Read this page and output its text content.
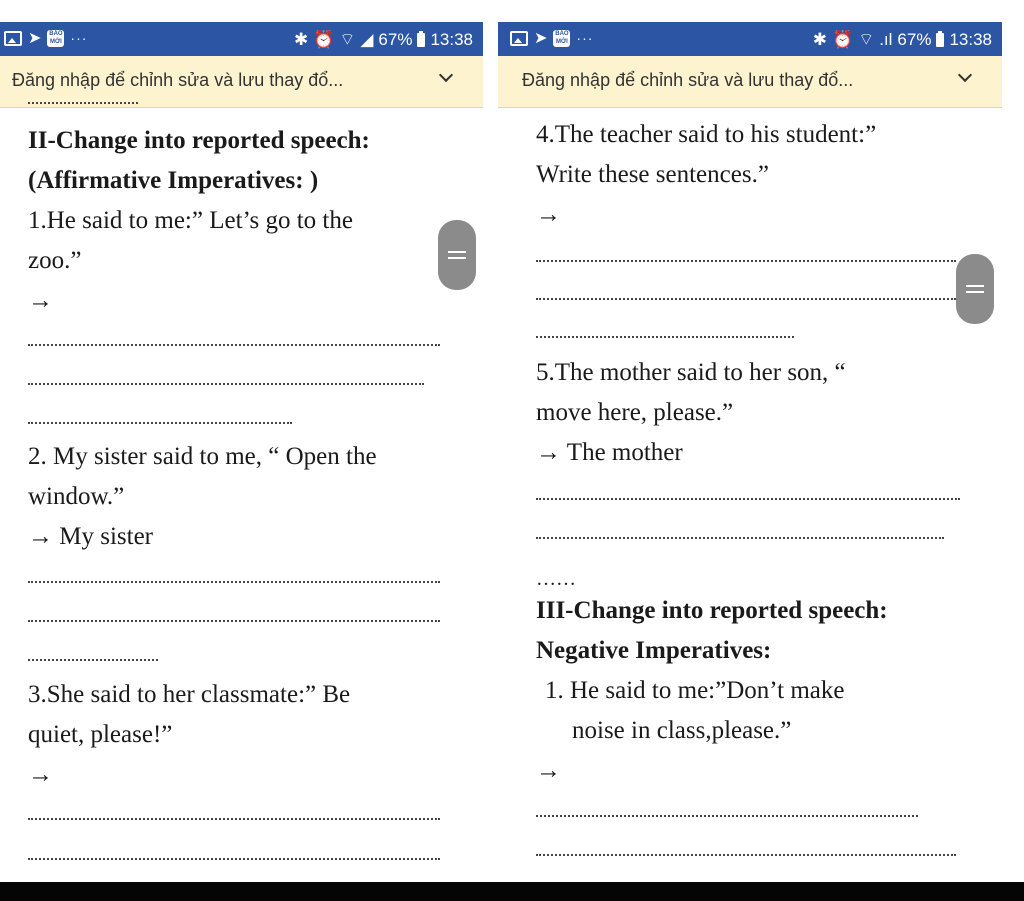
➤	BÁO MỚI ···	✱ ⏰ ⌔ ◢ 67% 13:38
Đăng nhập để chỉnh sửa và lưu thay đổ...
II-Change into reported speech:
(Affirmative Imperatives: )
1.He said to me:” Let’s go to the
zoo.”
→
2. My sister said to me, “ Open the
window.”
→ My sister
3.She said to her classmate:” Be
quiet, please!”
→
➤	BÁO MỚI ···	✱ ⏰ ⌔ .ıl 67% 13:38
Đăng nhập để chỉnh sửa và lưu thay đổ...
4.The teacher said to his student:”
Write these sentences.”
→
5.The mother said to her son, “
move here, please.”
→ The mother
……
III-Change into reported speech:
Negative Imperatives:
1. He said to me:”Don’t make
noise in class,please.”
→
